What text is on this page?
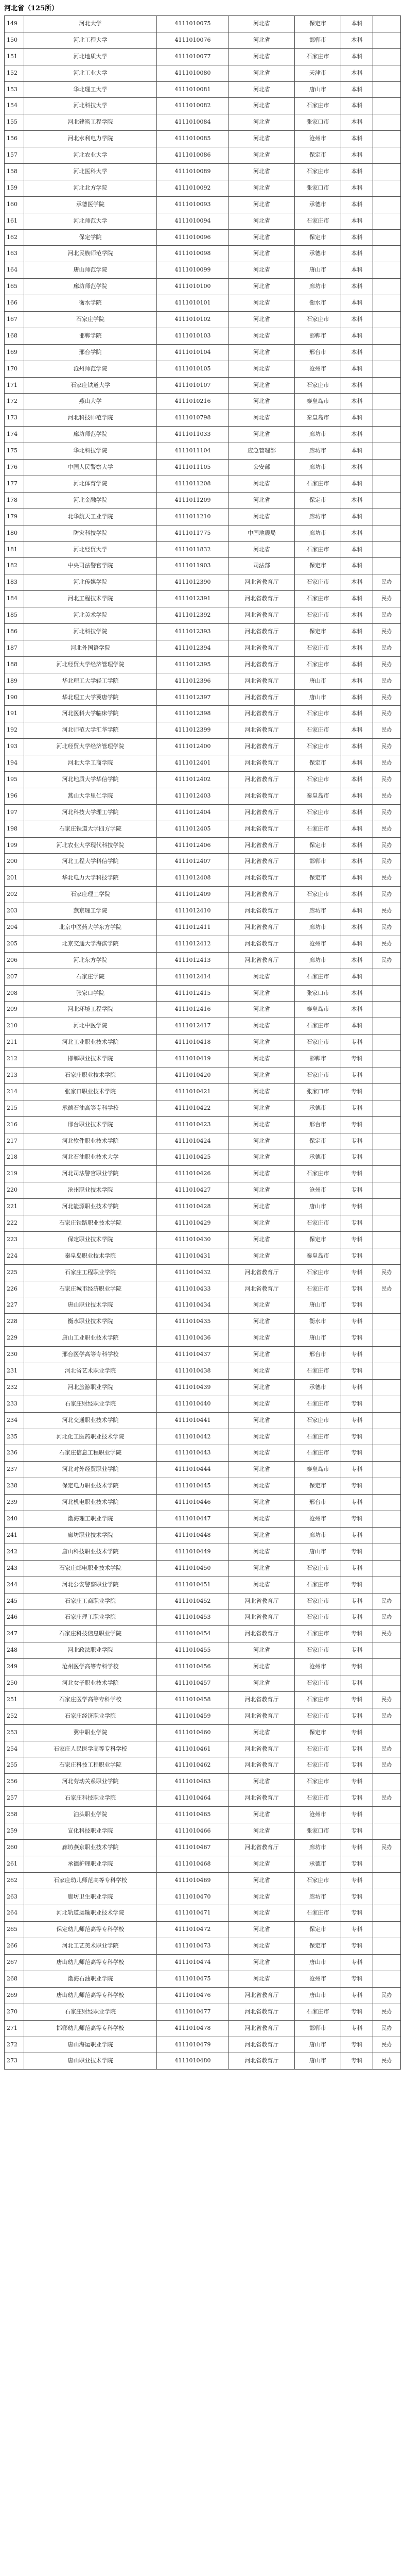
河北省（125所）
149	河北大学	4111010075	河北省	保定市	本科
150	河北工程大学	4111010076	河北省	邯郸市	本科
151	河北地质大学	4111010077	河北省	石家庄市	本科
152	河北工业大学	4111010080	河北省	天津市	本科
153	华北理工大学	4111010081	河北省	唐山市	本科
154	河北科技大学	4111010082	河北省	石家庄市	本科
155	河北建筑工程学院	4111010084	河北省	张家口市	本科
156	河北水利电力学院	4111010085	河北省	沧州市	本科
157	河北农业大学	4111010086	河北省	保定市	本科
158	河北医科大学	4111010089	河北省	石家庄市	本科
159	河北北方学院	4111010092	河北省	张家口市	本科
160	承德医学院	4111010093	河北省	承德市	本科
161	河北师范大学	4111010094	河北省	石家庄市	本科
162	保定学院	4111010096	河北省	保定市	本科
163	河北民族师范学院	4111010098	河北省	承德市	本科
164	唐山师范学院	4111010099	河北省	唐山市	本科
165	廊坊师范学院	4111010100	河北省	廊坊市	本科
166	衡水学院	4111010101	河北省	衡水市	本科
167	石家庄学院	4111010102	河北省	石家庄市	本科
168	邯郸学院	4111010103	河北省	邯郸市	本科
169	邢台学院	4111010104	河北省	邢台市	本科
170	沧州师范学院	4111010105	河北省	沧州市	本科
171	石家庄铁道大学	4111010107	河北省	石家庄市	本科
172	燕山大学	4111010216	河北省	秦皇岛市	本科
173	河北科技师范学院	4111010798	河北省	秦皇岛市	本科
174	廊坊师范学院	4111011033	河北省	廊坊市	本科
175	华北科技学院	4111011104	应急管理部	廊坊市	本科
176	中国人民警察大学	4111011105	公安部	廊坊市	本科
177	河北体育学院	4111011208	河北省	石家庄市	本科
178	河北金融学院	4111011209	河北省	保定市	本科
179	北华航天工业学院	4111011210	河北省	廊坊市	本科
180	防灾科技学院	4111011775	中国地震局	廊坊市	本科
181	河北经贸大学	4111011832	河北省	石家庄市	本科
182	中央司法警官学院	4111011903	司法部	保定市	本科
183	河北传媒学院	4111012390	河北省教育厅	石家庄市	本科	民办
184	河北工程技术学院	4111012391	河北省教育厅	石家庄市	本科	民办
185	河北美术学院	4111012392	河北省教育厅	石家庄市	本科	民办
186	河北科技学院	4111012393	河北省教育厅	保定市	本科	民办
187	河北外国语学院	4111012394	河北省教育厅	石家庄市	本科	民办
188	河北经贸大学经济管理学院	4111012395	河北省教育厅	石家庄市	本科	民办
189	华北理工大学轻工学院	4111012396	河北省教育厅	唐山市	本科	民办
190	华北理工大学冀唐学院	4111012397	河北省教育厅	唐山市	本科	民办
191	河北医科大学临床学院	4111012398	河北省教育厅	石家庄市	本科	民办
192	河北师范大学汇华学院	4111012399	河北省教育厅	石家庄市	本科	民办
193	河北经贸大学经济管理学院	4111012400	河北省教育厅	石家庄市	本科	民办
194	河北大学工商学院	4111012401	河北省教育厅	保定市	本科	民办
195	河北地质大学华信学院	4111012402	河北省教育厅	石家庄市	本科	民办
196	燕山大学里仁学院	4111012403	河北省教育厅	秦皇岛市	本科	民办
197	河北科技大学理工学院	4111012404	河北省教育厅	石家庄市	本科	民办
198	石家庄铁道大学四方学院	4111012405	河北省教育厅	石家庄市	本科	民办
199	河北农业大学现代科技学院	4111012406	河北省教育厅	保定市	本科	民办
200	河北工程大学科信学院	4111012407	河北省教育厅	邯郸市	本科	民办
201	华北电力大学科技学院	4111012408	河北省教育厅	保定市	本科	民办
202	石家庄理工学院	4111012409	河北省教育厅	石家庄市	本科	民办
203	燕京理工学院	4111012410	河北省教育厅	廊坊市	本科	民办
204	北京中医药大学东方学院	4111012411	河北省教育厅	廊坊市	本科	民办
205	北京交通大学海滨学院	4111012412	河北省教育厅	沧州市	本科	民办
206	河北东方学院	4111012413	河北省教育厅	廊坊市	本科	民办
207	石家庄学院	4111012414	河北省	石家庄市	本科
208	张家口学院	4111012415	河北省	张家口市	本科
209	河北环境工程学院	4111012416	河北省	秦皇岛市	本科
210	河北中医学院	4111012417	河北省	石家庄市	本科
211	河北工业职业技术学院	4111010418	河北省	石家庄市	专科
212	邯郸职业技术学院	4111010419	河北省	邯郸市	专科
213	石家庄职业技术学院	4111010420	河北省	石家庄市	专科
214	张家口职业技术学院	4111010421	河北省	张家口市	专科
215	承德石油高等专科学校	4111010422	河北省	承德市	专科
216	邢台职业技术学院	4111010423	河北省	邢台市	专科
217	河北软件职业技术学院	4111010424	河北省	保定市	专科
218	河北石油职业技术大学	4111010425	河北省	承德市	专科
219	河北司法警官职业学院	4111010426	河北省	石家庄市	专科
220	沧州职业技术学院	4111010427	河北省	沧州市	专科
221	河北能源职业技术学院	4111010428	河北省	唐山市	专科
222	石家庄铁路职业技术学院	4111010429	河北省	石家庄市	专科
223	保定职业技术学院	4111010430	河北省	保定市	专科
224	秦皇岛职业技术学院	4111010431	河北省	秦皇岛市	专科
225	石家庄工程职业学院	4111010432	河北省教育厅	石家庄市	专科	民办
226	石家庄城市经济职业学院	4111010433	河北省教育厅	石家庄市	专科	民办
227	唐山职业技术学院	4111010434	河北省	唐山市	专科
228	衡水职业技术学院	4111010435	河北省	衡水市	专科
229	唐山工业职业技术学院	4111010436	河北省	唐山市	专科
230	邢台医学高等专科学校	4111010437	河北省	邢台市	专科
231	河北省艺术职业学院	4111010438	河北省	石家庄市	专科
232	河北旅游职业学院	4111010439	河北省	承德市	专科
233	石家庄财经职业学院	4111010440	河北省	石家庄市	专科
234	河北交通职业技术学院	4111010441	河北省	石家庄市	专科
235	河北化工医药职业技术学院	4111010442	河北省	石家庄市	专科
236	石家庄信息工程职业学院	4111010443	河北省	石家庄市	专科
237	河北对外经贸职业学院	4111010444	河北省	秦皇岛市	专科
238	保定电力职业技术学院	4111010445	河北省	保定市	专科
239	河北机电职业技术学院	4111010446	河北省	邢台市	专科
240	渤海理工职业学院	4111010447	河北省	沧州市	专科
241	廊坊职业技术学院	4111010448	河北省	廊坊市	专科
242	唐山科技职业技术学院	4111010449	河北省	唐山市	专科
243	石家庄邮电职业技术学院	4111010450	河北省	石家庄市	专科
244	河北公安警察职业学院	4111010451	河北省	石家庄市	专科
245	石家庄工商职业学院	4111010452	河北省教育厅	石家庄市	专科	民办
246	石家庄理工职业学院	4111010453	河北省教育厅	石家庄市	专科	民办
247	石家庄科技信息职业学院	4111010454	河北省教育厅	石家庄市	专科	民办
248	河北政法职业学院	4111010455	河北省	石家庄市	专科
249	沧州医学高等专科学校	4111010456	河北省	沧州市	专科
250	河北女子职业技术学院	4111010457	河北省	石家庄市	专科
251	石家庄医学高等专科学校	4111010458	河北省教育厅	石家庄市	专科	民办
252	石家庄经济职业学院	4111010459	河北省教育厅	石家庄市	专科	民办
253	冀中职业学院	4111010460	河北省	保定市	专科
254	石家庄人民医学高等专科学校	4111010461	河北省教育厅	石家庄市	专科	民办
255	石家庄科技工程职业学院	4111010462	河北省教育厅	石家庄市	专科	民办
256	河北劳动关系职业学院	4111010463	河北省	石家庄市	专科
257	石家庄科技职业学院	4111010464	河北省教育厅	石家庄市	专科	民办
258	泊头职业学院	4111010465	河北省	沧州市	专科
259	宣化科技职业学院	4111010466	河北省	张家口市	专科
260	廊坊燕京职业技术学院	4111010467	河北省教育厅	廊坊市	专科	民办
261	承德护理职业学院	4111010468	河北省	承德市	专科
262	石家庄幼儿师范高等专科学校	4111010469	河北省	石家庄市	专科
263	廊坊卫生职业学院	4111010470	河北省	廊坊市	专科
264	河北轨道运输职业技术学院	4111010471	河北省	石家庄市	专科
265	保定幼儿师范高等专科学校	4111010472	河北省	保定市	专科
266	河北工艺美术职业学院	4111010473	河北省	保定市	专科
267	唐山幼儿师范高等专科学校	4111010474	河北省	唐山市	专科
268	渤海石油职业学院	4111010475	河北省	沧州市	专科
269	唐山幼儿师范高等专科学校	4111010476	河北省教育厅	唐山市	专科	民办
270	石家庄财经职业学院	4111010477	河北省教育厅	石家庄市	专科	民办
271	邯郸幼儿师范高等专科学校	4111010478	河北省教育厅	邯郸市	专科	民办
272	唐山海运职业学院	4111010479	河北省教育厅	唐山市	专科	民办
273	唐山职业技术学院	4111010480	河北省教育厅	唐山市	专科	民办
